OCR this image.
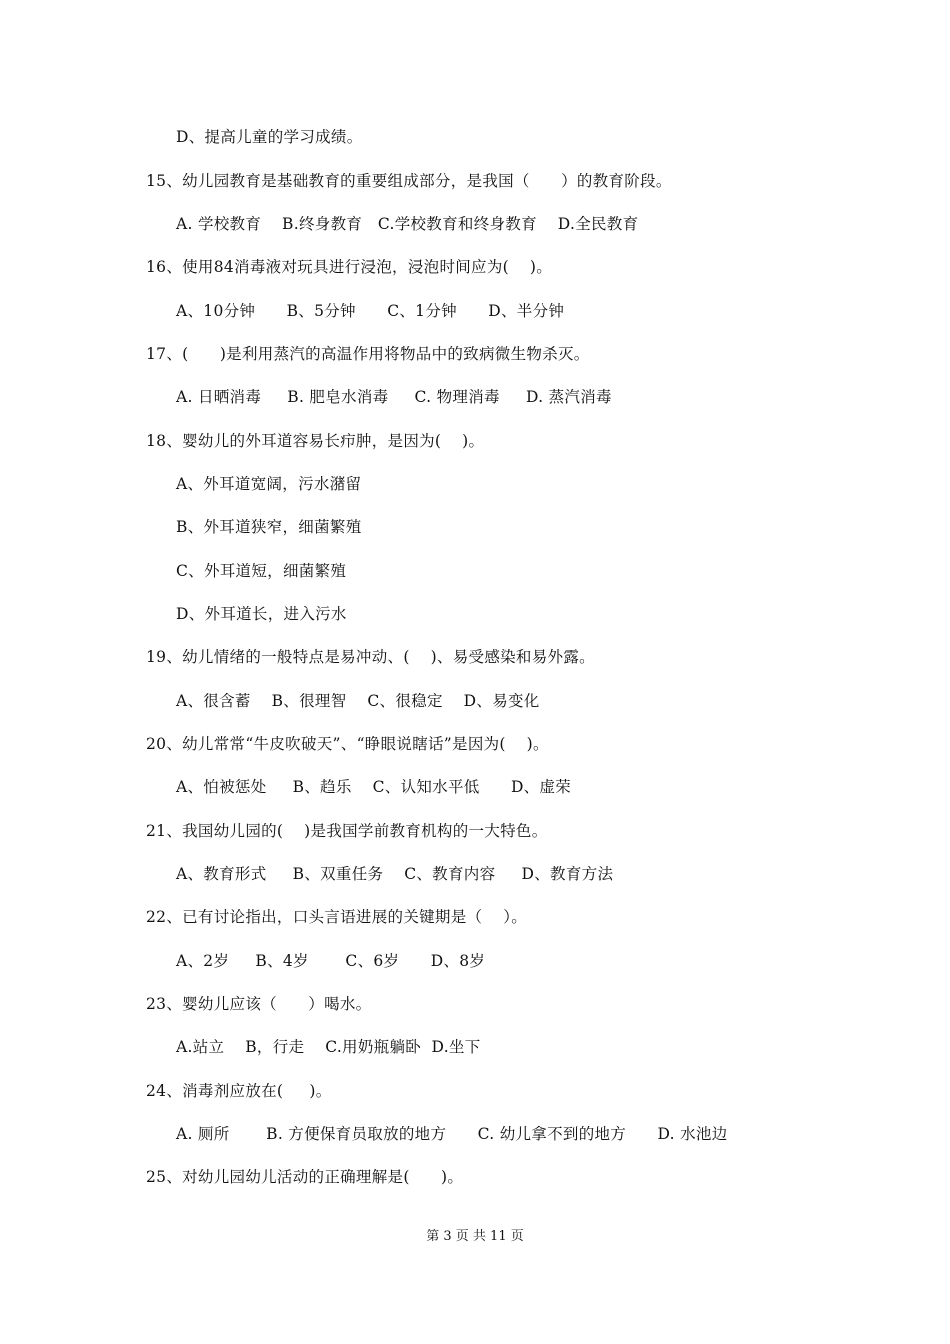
D、提高儿童的学习成绩。
15、幼儿园教育是基础教育的重要组成部分，是我国（      ）的教育阶段。
A. 学校教育    B.终身教育   C.学校教育和终身教育    D.全民教育
16、使用84消毒液对玩具进行浸泡，浸泡时间应为(    )。
A、10分钟      B、5分钟      C、1分钟      D、半分钟
17、(      )是利用蒸汽的高温作用将物品中的致病微生物杀灭。
A. 日晒消毒     B. 肥皂水消毒     C. 物理消毒     D. 蒸汽消毒
18、婴幼儿的外耳道容易长疖肿，是因为(    )。
A、外耳道宽阔，污水潴留
B、外耳道狭窄，细菌繁殖
C、外耳道短，细菌繁殖
D、外耳道长，进入污水
19、幼儿情绪的一般特点是易冲动、(    )、易受感染和易外露。
A、很含蓄    B、很理智    C、很稳定    D、易变化
20、幼儿常常“牛皮吹破天”、“睁眼说瞎话”是因为(    )。
A、怕被惩处     B、趋乐    C、认知水平低      D、虚荣
21、我国幼儿园的(    )是我国学前教育机构的一大特色。
A、教育形式     B、双重任务    C、教育内容     D、教育方法
22、已有讨论指出，口头言语进展的关键期是（    ）。
A、2岁     B、4岁       C、6岁      D、8岁
23、婴幼儿应该（      ）喝水。
A.站立    B，行走    C.用奶瓶躺卧  D.坐下
24、消毒剂应放在(     )。
A. 厕所       B. 方便保育员取放的地方      C. 幼儿拿不到的地方      D. 水池边
25、对幼儿园幼儿活动的正确理解是(      )。
第 3 页 共 11 页
